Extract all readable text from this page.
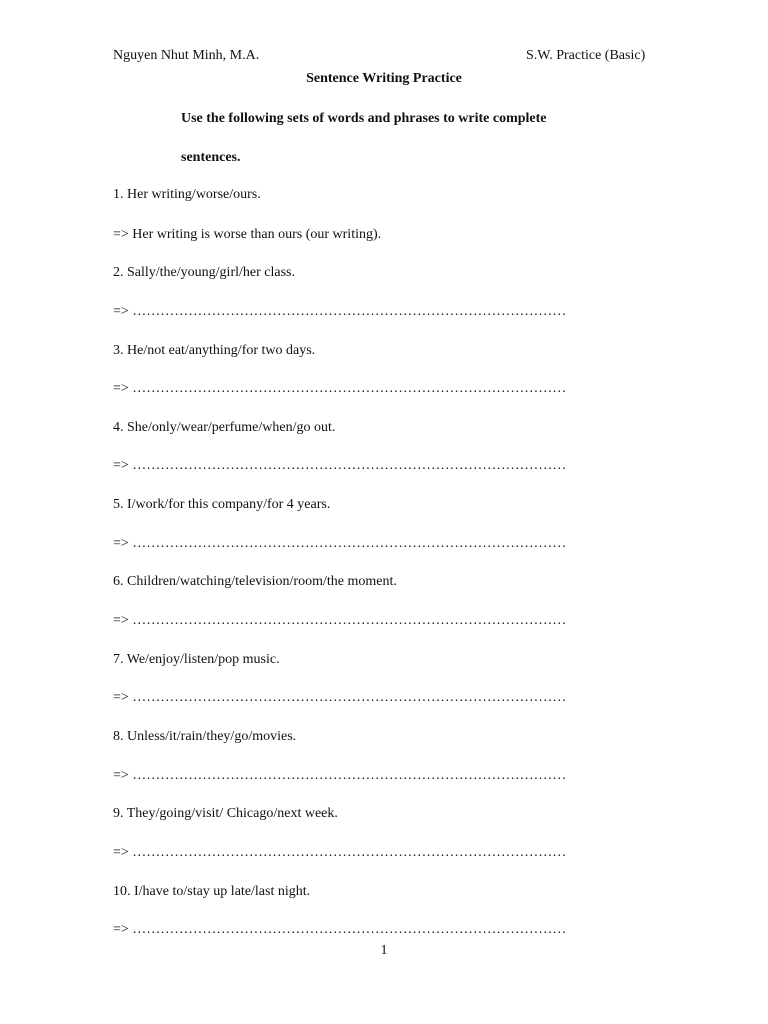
Nguyen Nhut Minh, M.A.	S.W. Practice (Basic)
Sentence Writing Practice
Use the following sets of words and phrases to write complete
sentences.
1. Her writing/worse/ours.
=> Her writing is worse than ours (our writing).
2. Sally/the/young/girl/her class.
=> …………………………………………………………………………………
3. He/not eat/anything/for two days.
=> …………………………………………………………………………………
4. She/only/wear/perfume/when/go out.
=> …………………………………………………………………………………
5. I/work/for this company/for 4 years.
=> …………………………………………………………………………………
6. Children/watching/television/room/the moment.
=> …………………………………………………………………………………
7. We/enjoy/listen/pop music.
=> …………………………………………………………………………………
8. Unless/it/rain/they/go/movies.
=> …………………………………………………………………………………
9. They/going/visit/ Chicago/next week.
=> …………………………………………………………………………………
10. I/have to/stay up late/last night.
=> …………………………………………………………………………………
1
